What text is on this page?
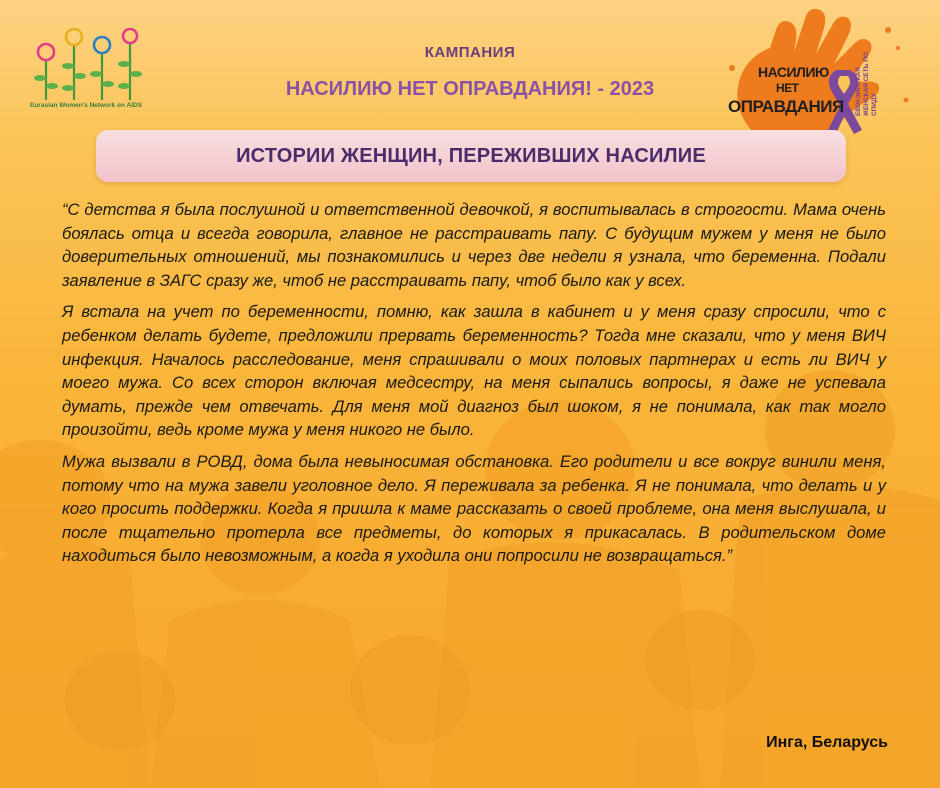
Eurasian Women's Network on AIDS
КАМПАНИЯ
НАСИЛИЮ НЕТ ОПРАВДАНИЯ! - 2023
НАСИЛИЮ
НЕТ
ОПРАВДАНИЯ ЕВРАЗИЙСКАЯ ЖЕНСКАЯ СЕТЬ ПО СПИДУ
ИСТОРИИ ЖЕНЩИН, ПЕРЕЖИВШИХ НАСИЛИЕ

“С детства я была послушной и ответственной девочкой, я воспитывалась в строгости. Мама очень боялась отца и всегда говорила, главное не расстраивать папу. С будущим мужем у меня не было доверительных отношений, мы познакомились и через две недели я узнала, что беременна. Подали заявление в ЗАГС сразу же, чтоб не расстраивать папу, чтоб было как у всех.

Я встала на учет по беременности, помню, как зашла в кабинет и у меня сразу спросили, что с ребенком делать будете, предложили прервать беременность? Тогда мне сказали, что у меня ВИЧ инфекция. Началось расследование, меня спрашивали о моих половых партнерах и есть ли ВИЧ у моего мужа. Со всех сторон включая медсестру, на меня сыпались вопросы, я даже не успевала думать, прежде чем отвечать. Для меня мой диагноз был шоком, я не понимала, как так могло произойти, ведь кроме мужа у меня никого не было.

Мужа вызвали в РОВД, дома была невыносимая обстановка. Его родители и все вокруг винили меня, потому что на мужа завели уголовное дело. Я переживала за ребенка. Я не понимала, что делать и у кого просить поддержки. Когда я пришла к маме рассказать о своей проблеме, она меня выслушала, и после тщательно протерла все предметы, до которых я прикасалась. В родительском доме находиться было невозможным, а когда я уходила они попросили не возвращаться.”

Инга, Беларусь
